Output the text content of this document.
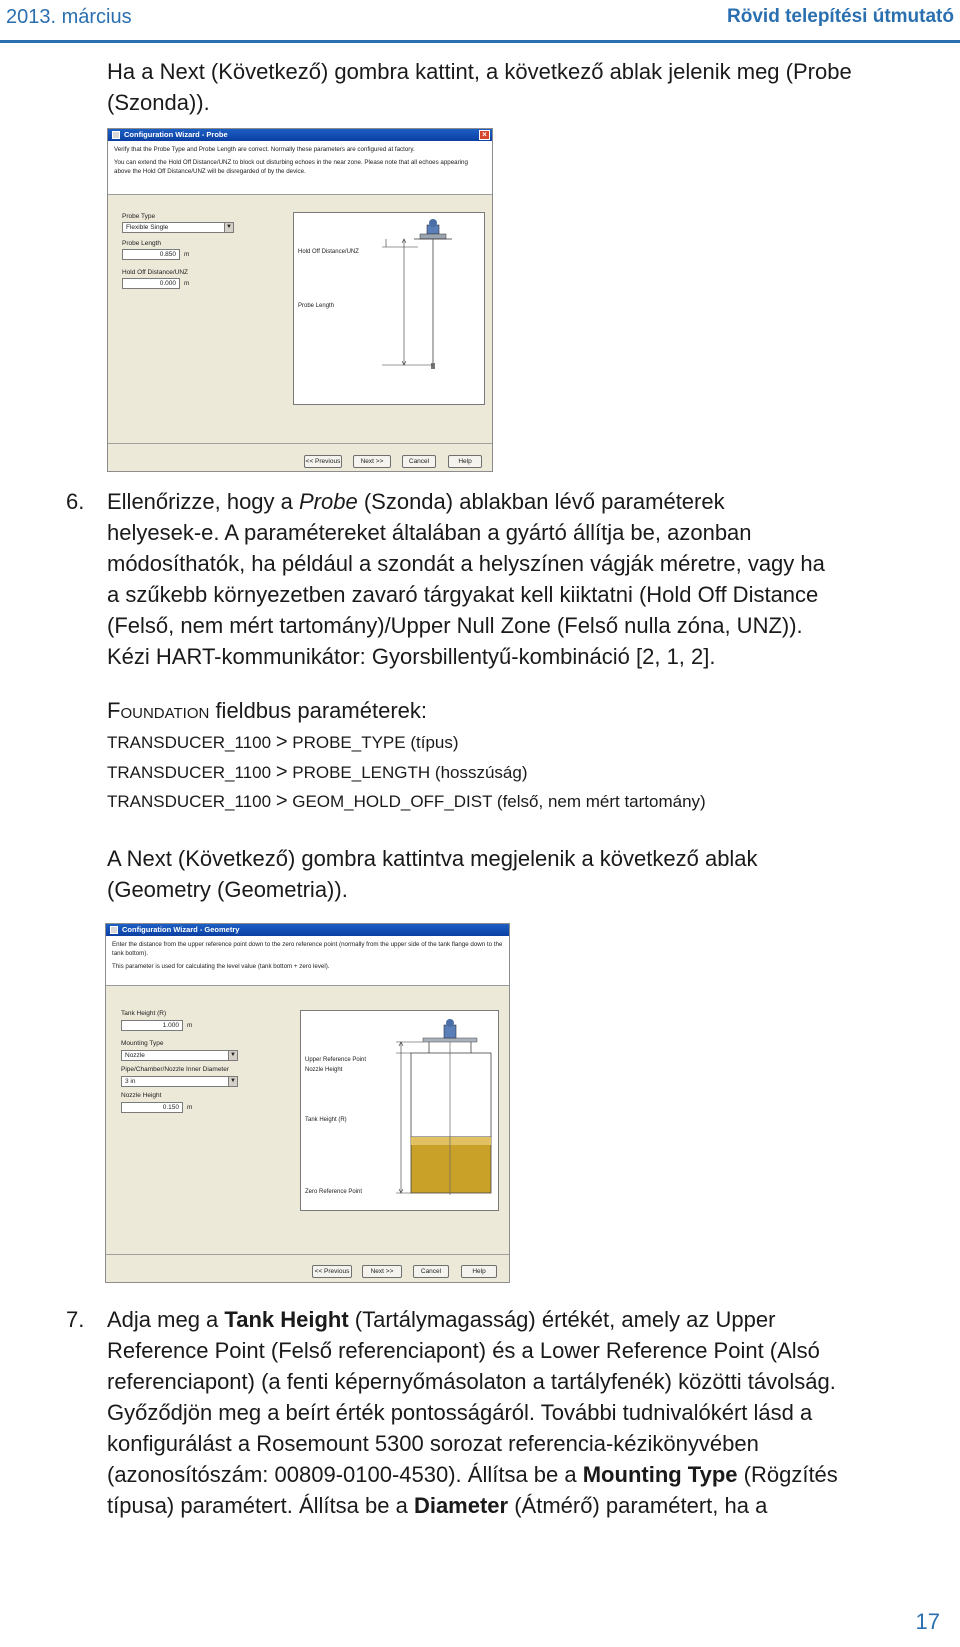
2013. március	Rövid telepítési útmutató
Ha a Next (Következő) gombra kattint, a következő ablak jelenik meg (Probe (Szonda)).
Configuration Wizard - Probe	×

Verify that the Probe Type and Probe Length are correct. Normally these parameters are configured at factory.

You can extend the Hold Off Distance/UNZ to block out disturbing echoes in the near zone. Please note that all echoes appearing above the Hold Off Distance/UNZ will be disregarded of by the device.

Probe Type
Flexible Single	▼
Probe Length
0.850	m
Hold Off Distance/UNZ
0.000	m
Hold Off Distance/UNZ
Probe Length
<< Previous	Next >>	Cancel	Help
6. Ellenőrizze, hogy a Probe (Szonda) ablakban lévő paraméterek
helyesek-e. A paramétereket általában a gyártó állítja be, azonban
módosíthatók, ha például a szondát a helyszínen vágják méretre, vagy ha
a szűkebb környezetben zavaró tárgyakat kell kiiktatni (Hold Off Distance
(Felső, nem mért tartomány)/Upper Null Zone (Felső nulla zóna, UNZ)).
Kézi HART-kommunikátor: Gyorsbillentyű-kombináció [2, 1, 2].
Foundation fieldbus paraméterek:
TRANSDUCER_1100 > PROBE_TYPE (típus)
TRANSDUCER_1100 > PROBE_LENGTH (hosszúság)
TRANSDUCER_1100 > GEOM_HOLD_OFF_DIST (felső, nem mért tartomány)
A Next (Következő) gombra kattintva megjelenik a következő ablak (Geometry (Geometria)).
Configuration Wizard - Geometry

Enter the distance from the upper reference point down to the zero reference point (normally from the upper side of the tank flange down to the tank bottom).

This parameter is used for calculating the level value (tank bottom + zero level).

Tank Height (R)
1.000	m
Mounting Type
Nozzle	▼
Pipe/Chamber/Nozzle Inner Diameter
3 in	▼
Nozzle Height
0.150	m
Upper Reference Point
Nozzle Height
Tank Height (R)
Zero Reference Point
<< Previous	Next >>	Cancel	Help
7. Adja meg a Tank Height (Tartálymagasság) értékét, amely az Upper
Reference Point (Felső referenciapont) és a Lower Reference Point (Alsó
referenciapont) (a fenti képernyőmásolaton a tartályfenék) közötti távolság.
Győződjön meg a beírt érték pontosságáról. További tudnivalókért lásd a
konfigurálást a Rosemount 5300 sorozat referencia-kézikönyvében
(azonosítószám: 00809-0100-4530). Állítsa be a Mounting Type (Rögzítés
típusa) paramétert. Állítsa be a Diameter (Átmérő) paramétert, ha a
17
